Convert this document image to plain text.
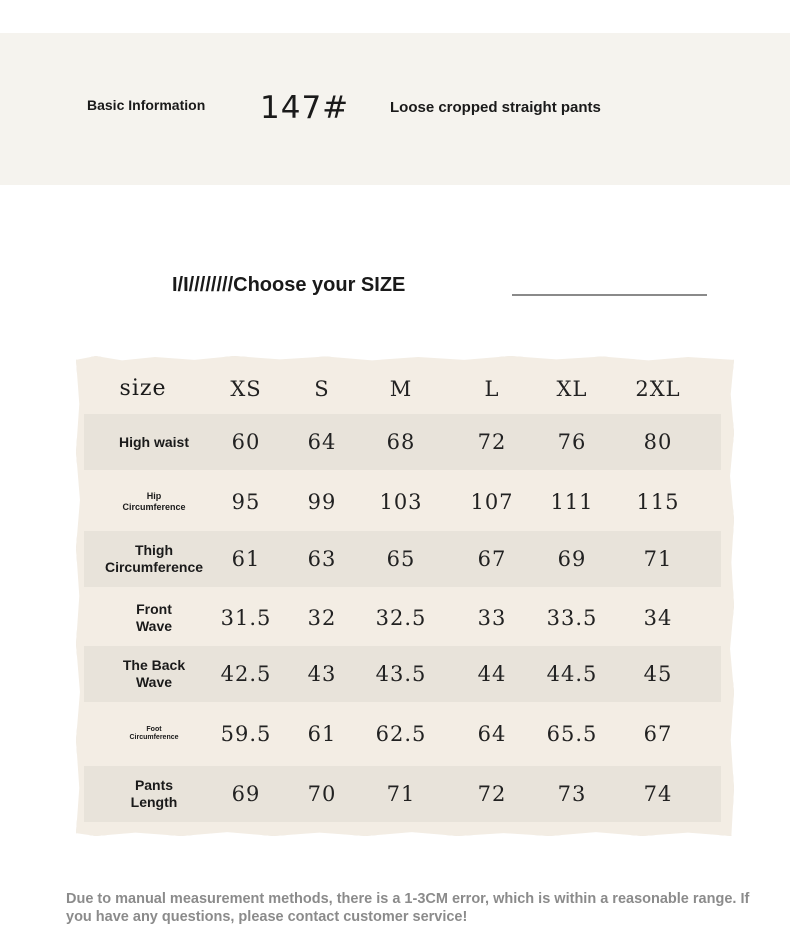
Basic Information 147#	Loose cropped straight pants
I/I////////Choose your SIZE
size	XS	S	M	L	XL	2XL
High waist	60	64	68	72	76	80
Hip
Circumference	95	99	103	107	111	115
Thigh
Circumference	61	63	65	67	69	71
Front
Wave 31.5	32	32.5	33	33.5	34
The Back
Wave	42.5	43	43.5	44	44.5	45
Foot
Circumference 59.5	61	62.5	64	65.5	67
Pants
Length	69	70	71	72	73	74
Due to manual measurement methods, there is a 1-3CM error, which is within a reasonable range. If you have any questions, please contact customer service!
